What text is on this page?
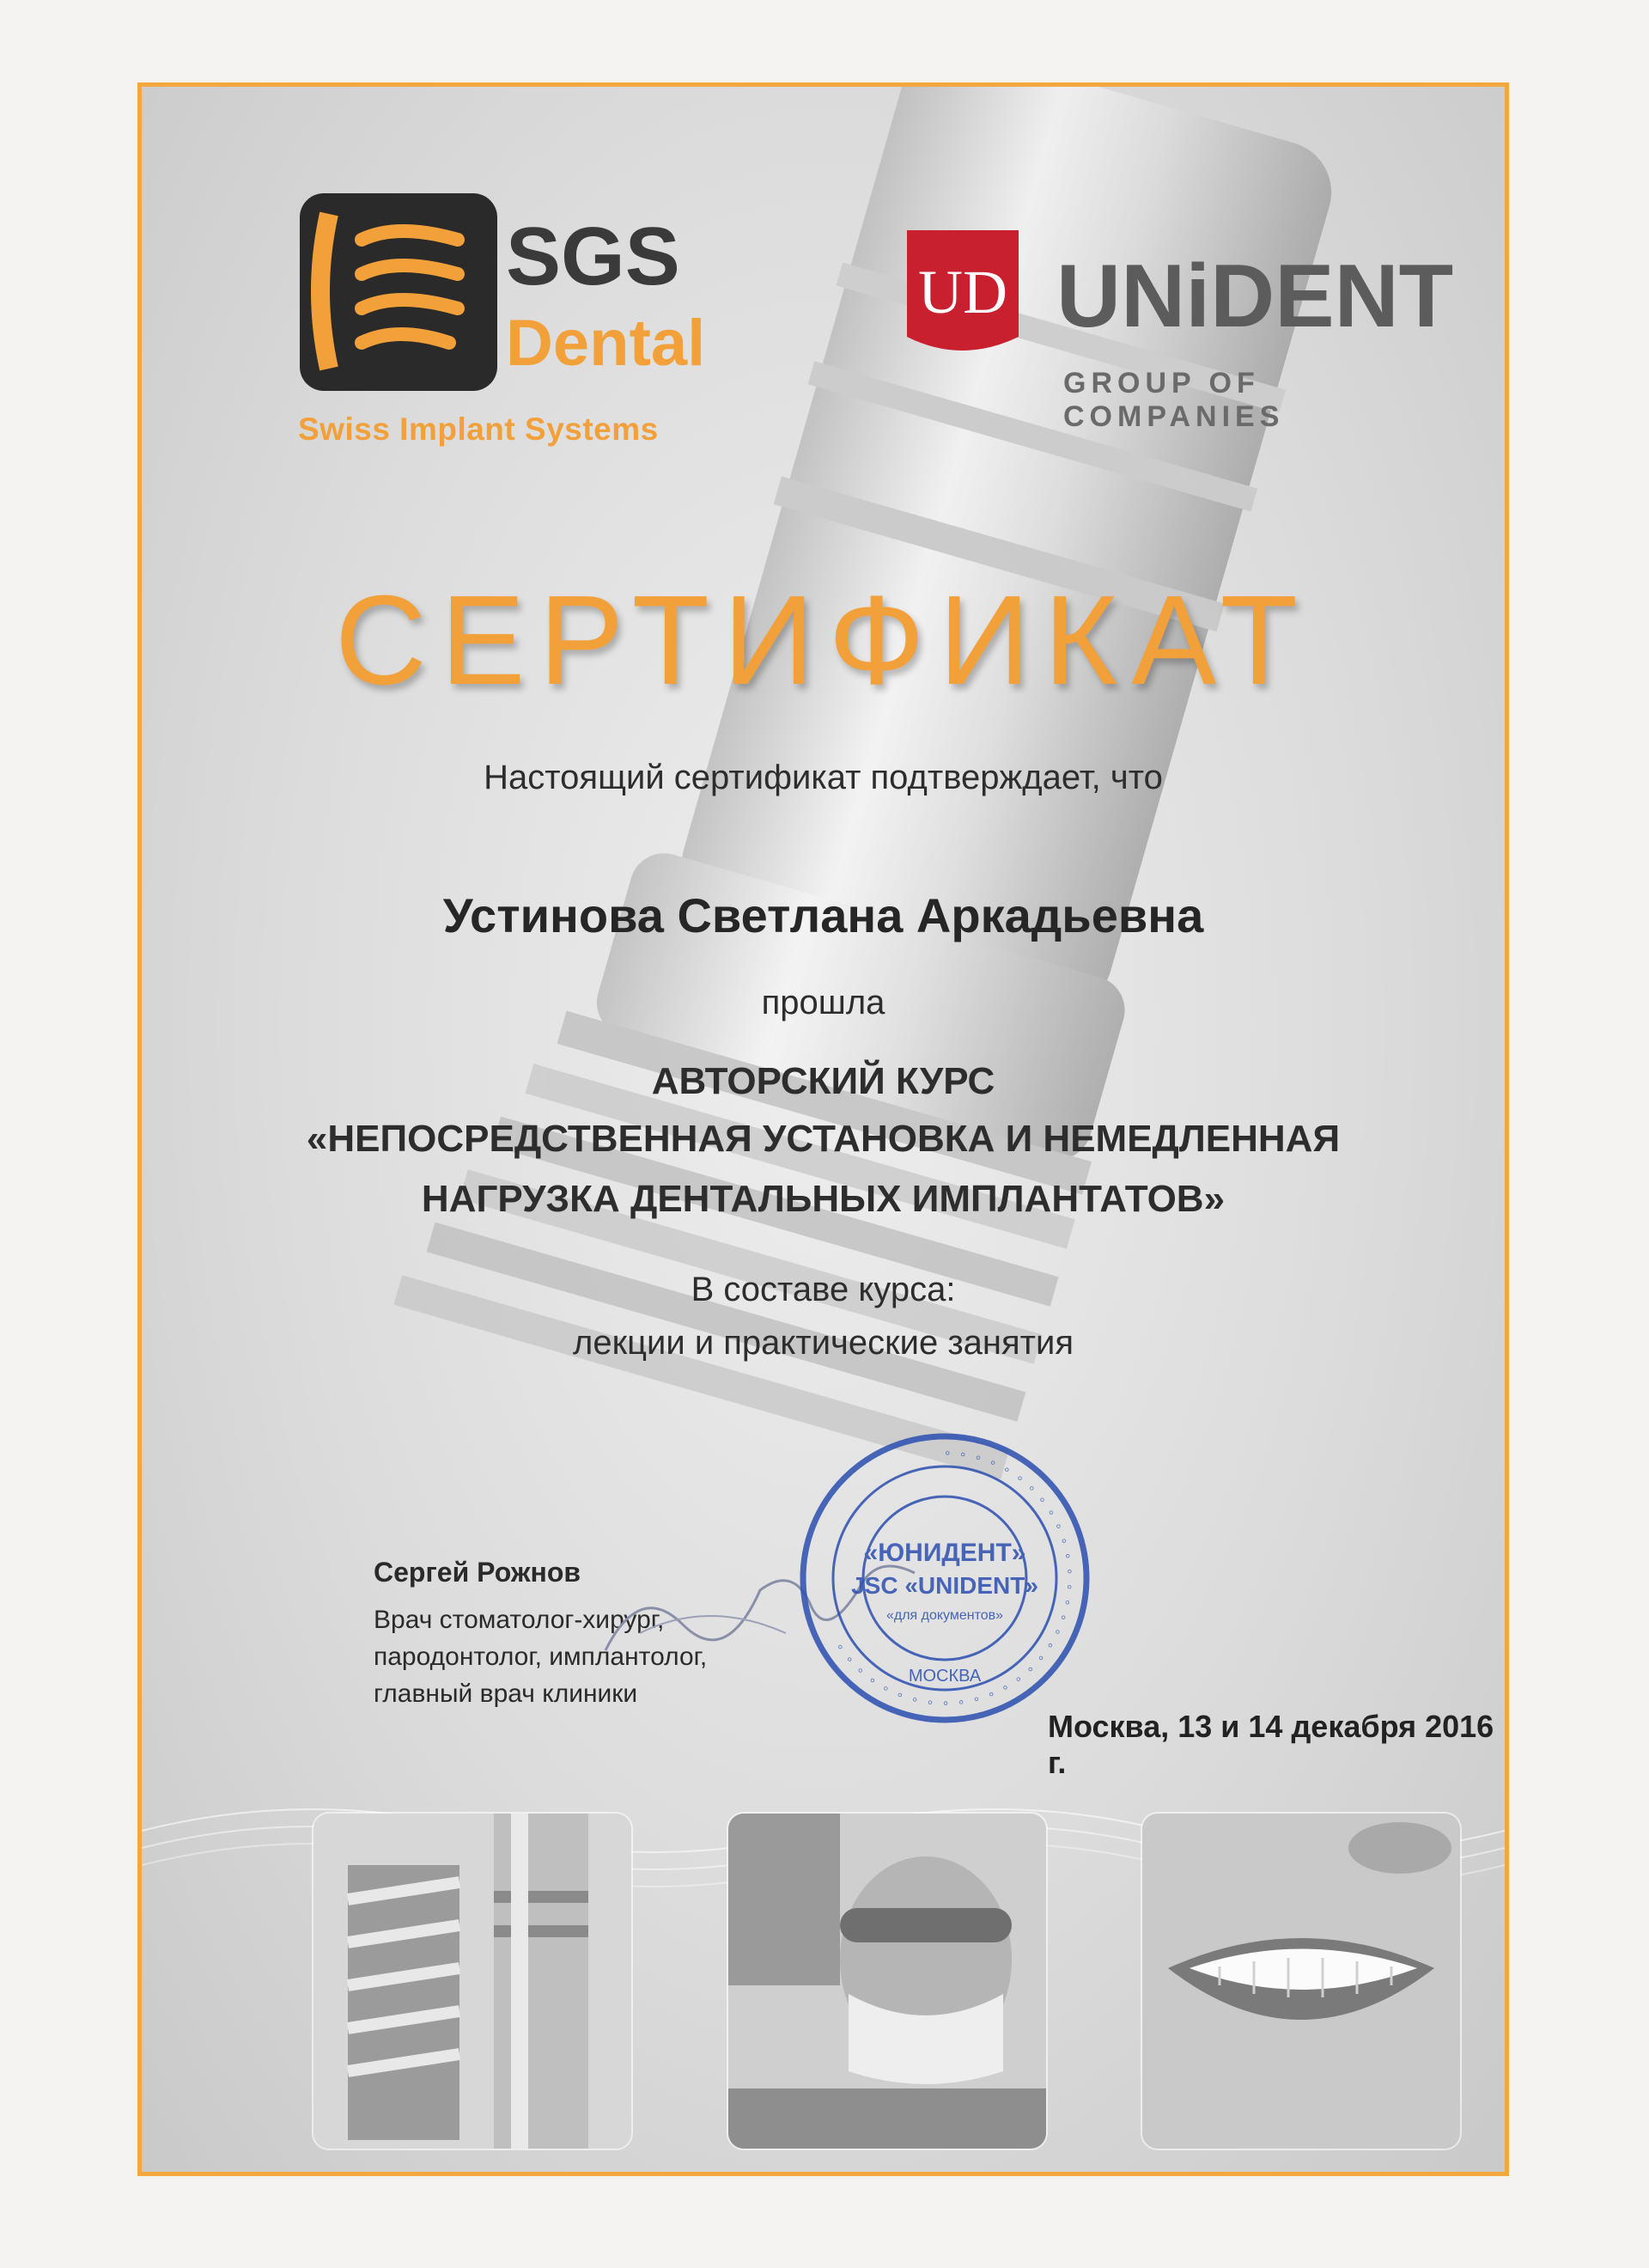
SGS
Dental
Swiss Implant Systems
UD UNiDENT
GROUP OF COMPANIES
СЕРТИФИКАТ
Настоящий сертификат подтверждает, что
Устинова Светлана Аркадьевна
прошла
АВТОРСКИЙ КУРС
«НЕПОСРЕДСТВЕННАЯ УСТАНОВКА И НЕМЕДЛЕННАЯ
НАГРУЗКА ДЕНТАЛЬНЫХ ИМПЛАНТАТОВ»
В составе курса:
лекции и практические занятия
Сергей Рожнов
Врач стоматолог-хирург,
пародонтолог, имплантолог,
главный врач клиники
◦ ◦ ◦ ◦ ◦ ◦ ◦ ◦ ◦ ◦ ◦ ◦ ◦ ◦ ◦ ◦ ◦ ◦ ◦ ◦ ◦ ◦ ◦ ◦ ◦ ◦ ◦ ◦ ◦ ◦ ◦ ◦ ◦ ◦
«ЮНИДЕНТ»
JSC «UNIDENT»
«для документов»
МОСКВА
Москва, 13 и 14 декабря 2016 г.
